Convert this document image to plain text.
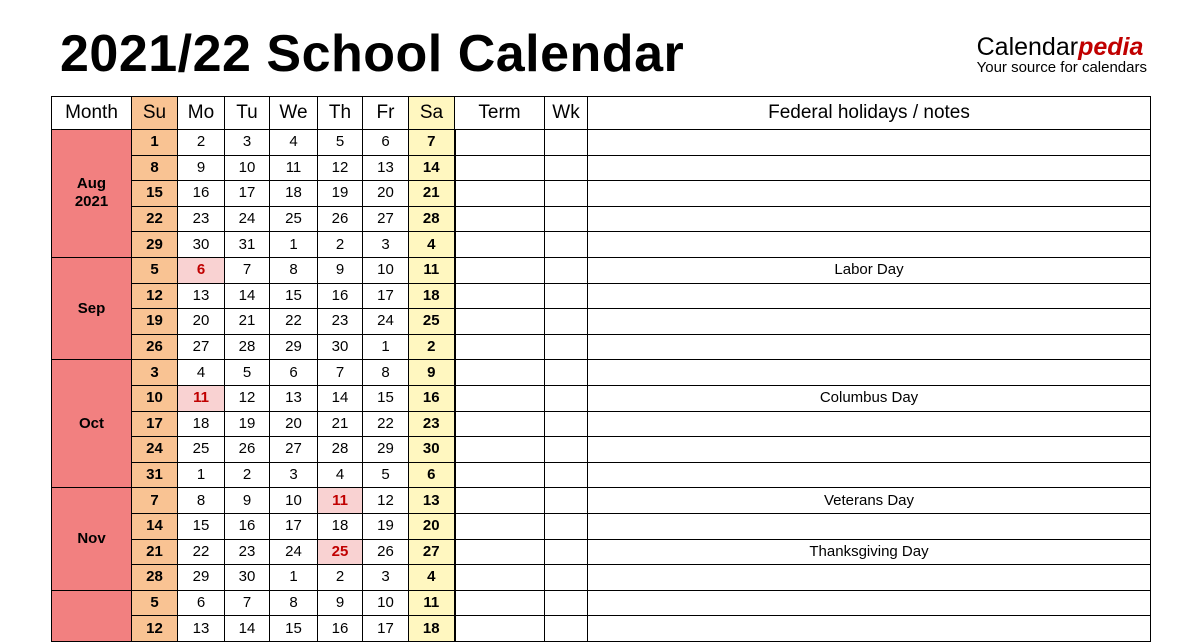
2021/22 School Calendar	Calendarpedia
Your source for calendars
Month	Su	Mo	Tu	We	Th	Fr	Sa	Term	Wk	Federal holidays / notes

Aug
2021	1	2	3	4	5	6	7			
	8	9	10	11	12	13	14			
	15	16	17	18	19	20	21			
	22	23	24	25	26	27	28			
	29	30	31	1	2	3	4			

Sep	5	6	7	8	9	10	11			Labor Day
	12	13	14	15	16	17	18			
	19	20	21	22	23	24	25			
	26	27	28	29	30	1	2			

Oct	3	4	5	6	7	8	9			
	10	11	12	13	14	15	16			Columbus Day
	17	18	19	20	21	22	23			
	24	25	26	27	28	29	30			
	31	1	2	3	4	5	6			

Nov	7	8	9	10	11	12	13			Veterans Day
	14	15	16	17	18	19	20			
	21	22	23	24	25	26	27			Thanksgiving Day
	28	29	30	1	2	3	4			

	5	6	7	8	9	10	11			
	12	13	14	15	16	17	18			
